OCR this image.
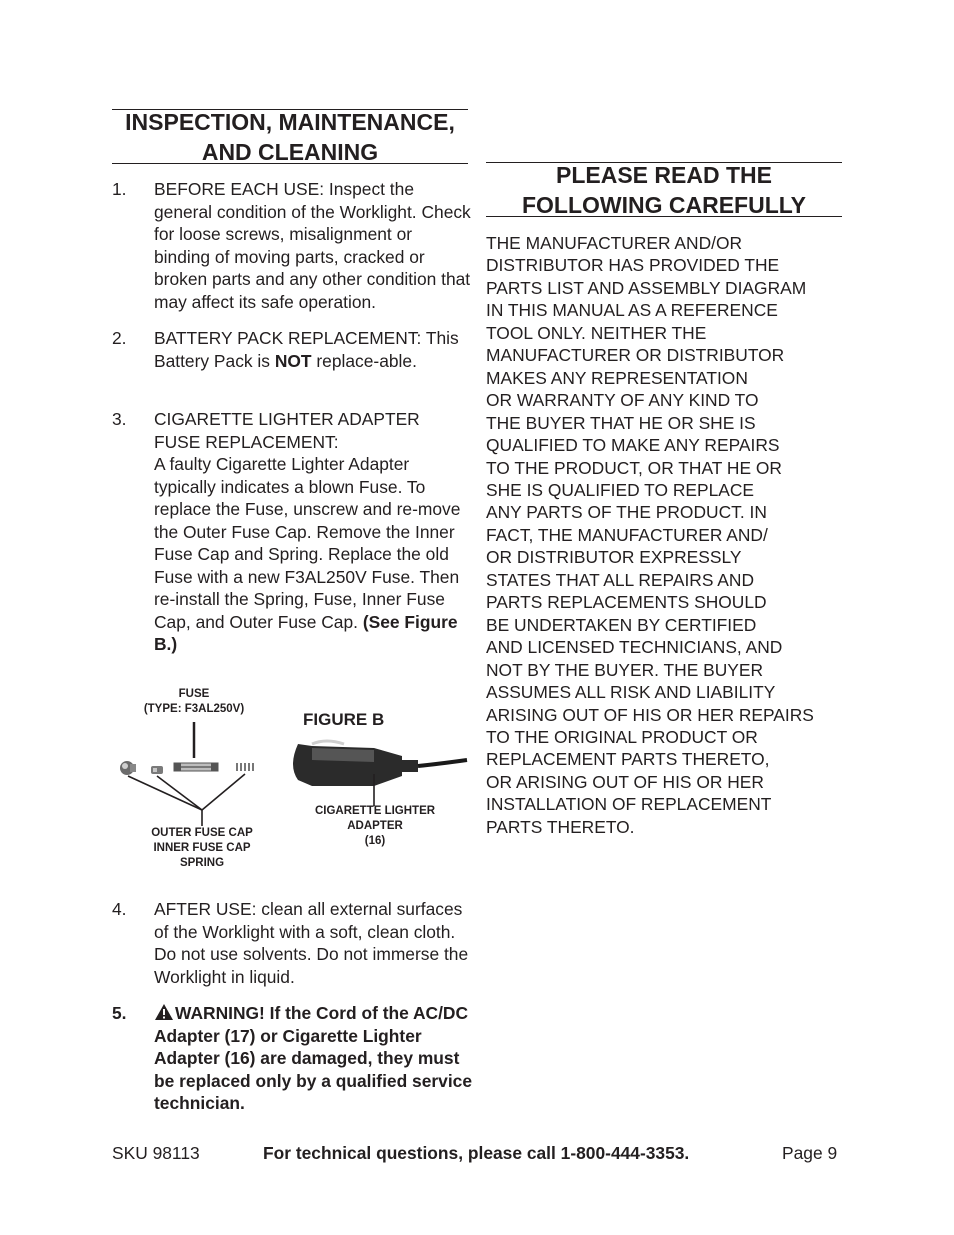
INSPECTION, MAINTENANCE,
AND CLEANING
1.	BEFORE EACH USE: Inspect the general condition of the Worklight. Check for loose screws, misalignment or binding of moving parts, cracked or broken parts and any other condition that may affect its safe operation.
2.	BATTERY PACK REPLACEMENT: This Battery Pack is NOT replace-able.
3.	CIGARETTE LIGHTER ADAPTER
FUSE REPLACEMENT:
A faulty Cigarette Lighter Adapter typically indicates a blown Fuse. To replace the Fuse, unscrew and re-move the Outer Fuse Cap. Remove the Inner Fuse Cap and Spring. Replace the old Fuse with a new F3AL250V Fuse. Then re-install the Spring, Fuse, Inner Fuse Cap, and Outer Fuse Cap. (See Figure B.)
FUSE
(TYPE: F3AL250V)
FIGURE B
OUTER FUSE CAP
INNER FUSE CAP
SPRING
CIGARETTE LIGHTER
ADAPTER
(16)
4.	AFTER USE: clean all external surfaces of the Worklight with a soft, clean cloth. Do not use solvents. Do not immerse the Worklight in liquid.
5.	WARNING! If the Cord of the AC/DC Adapter (17) or Cigarette Lighter Adapter (16) are damaged, they must be replaced only by a qualified service technician.
PLEASE READ THE
FOLLOWING CAREFULLY
THE MANUFACTURER AND/OR
DISTRIBUTOR HAS PROVIDED THE
PARTS LIST AND ASSEMBLY DIAGRAM
IN THIS MANUAL AS A REFERENCE
TOOL ONLY. NEITHER THE
MANUFACTURER OR DISTRIBUTOR
MAKES ANY REPRESENTATION
OR WARRANTY OF ANY KIND TO
THE BUYER THAT HE OR SHE IS
QUALIFIED TO MAKE ANY REPAIRS
TO THE PRODUCT, OR THAT HE OR
SHE IS QUALIFIED TO REPLACE
ANY PARTS OF THE PRODUCT. IN
FACT, THE MANUFACTURER AND/
OR DISTRIBUTOR EXPRESSLY
STATES THAT ALL REPAIRS AND
PARTS REPLACEMENTS SHOULD
BE UNDERTAKEN BY CERTIFIED
AND LICENSED TECHNICIANS, AND
NOT BY THE BUYER. THE BUYER
ASSUMES ALL RISK AND LIABILITY
ARISING OUT OF HIS OR HER REPAIRS
TO THE ORIGINAL PRODUCT OR
REPLACEMENT PARTS THERETO,
OR ARISING OUT OF HIS OR HER
INSTALLATION OF REPLACEMENT
PARTS THERETO.
SKU 98113	For technical questions, please call 1-800-444-3353.	Page 9
